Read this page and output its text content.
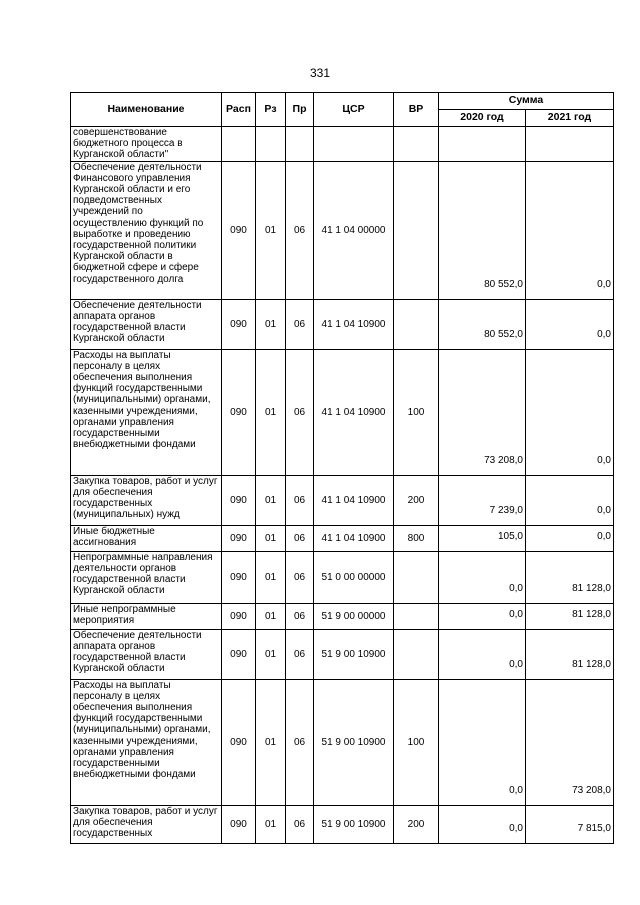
331
Наименование	Расп	Рз	Пр	ЦСР	ВР	Сумма	
						2020 год	2021 год
совершенствование бюджетного процесса в Курганской области"							
Обеспечение деятельности Финансового управления Курганской области и его подведомственных учреждений по осуществлению функций по выработке и проведению государственной политики Курганской области в бюджетной сфере и сфере государственного долга	090	01	06	41 1 04 00000		80 552,0	0,0
Обеспечение деятельности аппарата органов государственной власти Курганской области	090	01	06	41 1 04 10900		80 552,0	0,0
Расходы на выплаты персоналу в целях обеспечения выполнения функций государственными (муниципальными) органами, казенными учреждениями, органами управления государственными внебюджетными фондами	090	01	06	41 1 04 10900	100	73 208,0	0,0
Закупка товаров, работ и услуг для обеспечения государственных (муниципальных) нужд	090	01	06	41 1 04 10900	200	7 239,0	0,0
Иные бюджетные ассигнования	090	01	06	41 1 04 10900	800	105,0	0,0
Непрограммные направления деятельности органов государственной власти Курганской области	090	01	06	51 0 00 00000		0,0	81 128,0
Иные непрограммные мероприятия	090	01	06	51 9 00 00000		0,0	81 128,0
Обеспечение деятельности аппарата органов государственной власти Курганской области	090	01	06	51 9 00 10900		0,0	81 128,0
Расходы на выплаты персоналу в целях обеспечения выполнения функций государственными (муниципальными) органами, казенными учреждениями, органами управления государственными внебюджетными фондами	090	01	06	51 9 00 10900	100	0,0	73 208,0
Закупка товаров, работ и услуг для обеспечения государственных	090	01	06	51 9 00 10900	200	0,0	7 815,0
